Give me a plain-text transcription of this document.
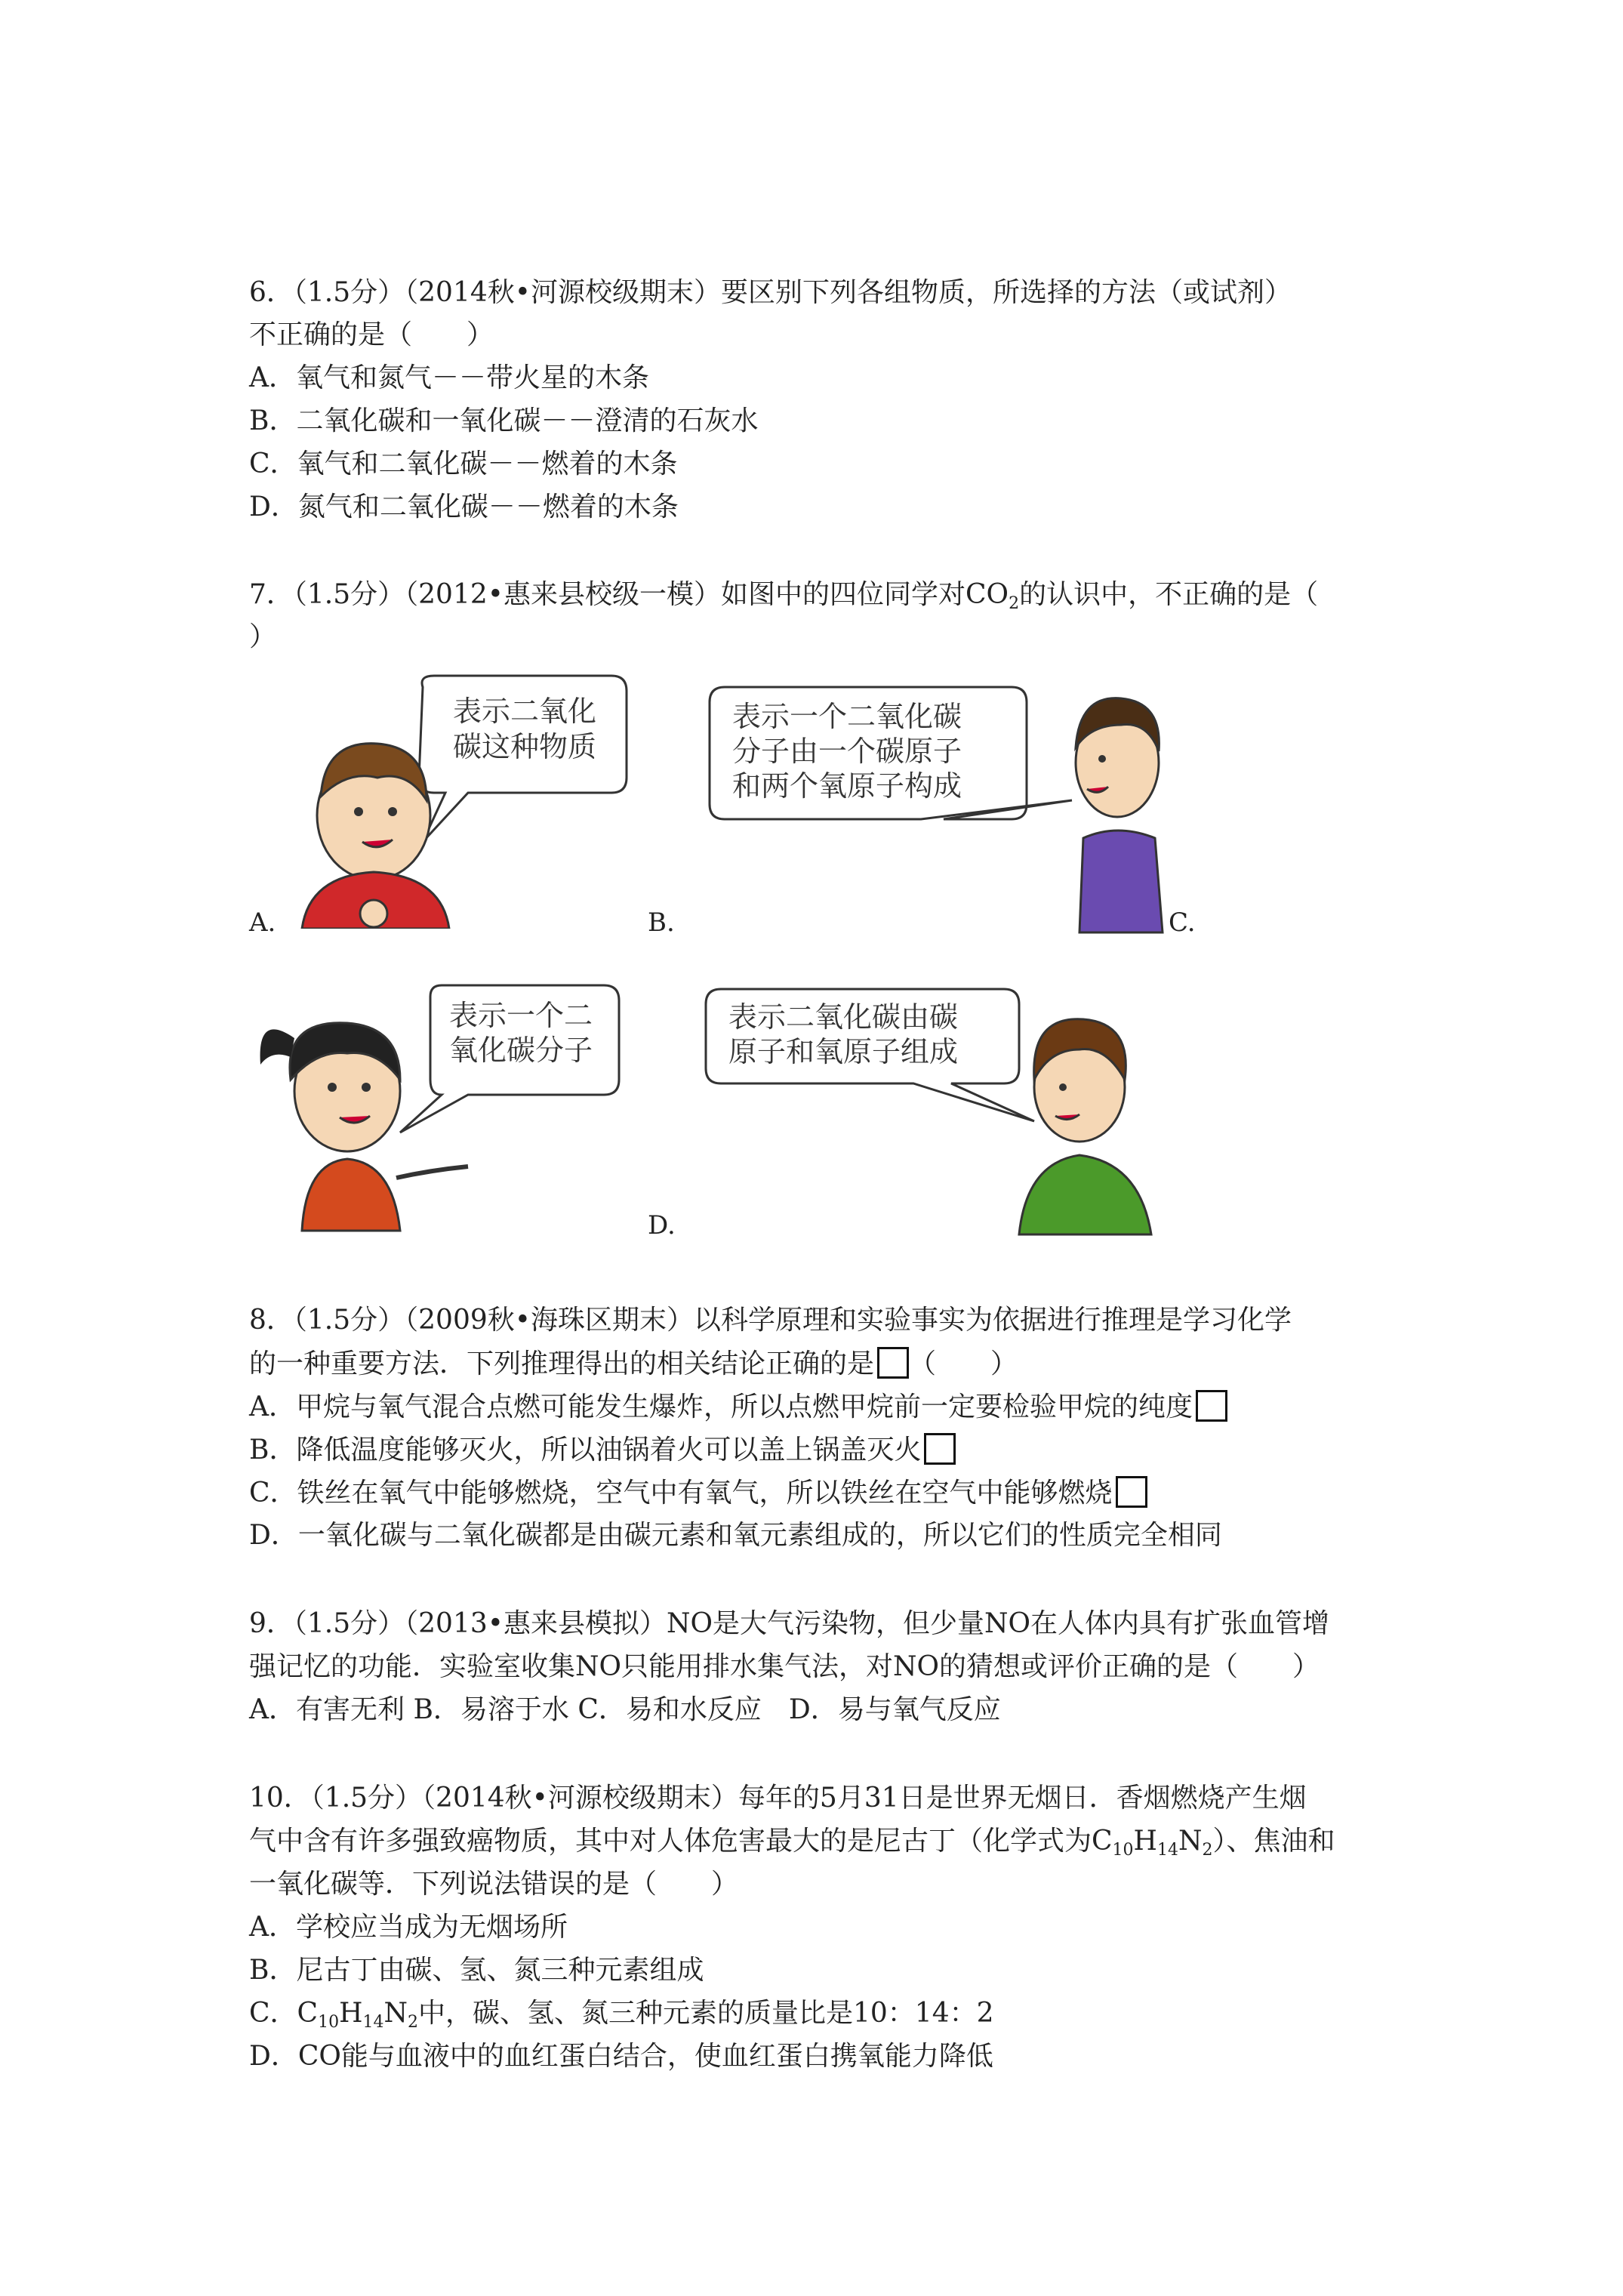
6．（1.5分）（2014秋•河源校级期末）要区别下列各组物质，所选择的方法（或试剂）
不正确的是（　　）
A．氧气和氮气－－带火星的木条
B．二氧化碳和一氧化碳－－澄清的石灰水
C．氧气和二氧化碳－－燃着的木条
D．氮气和二氧化碳－－燃着的木条
7．（1.5分）（2012•惠来县校级一模）如图中的四位同学对$CO_2$的认识中，不正确的是（
）
表示二氧化
碳这种物质
A.
表示一个二氧化碳
分子由一个碳原子
和两个氧原子构成
B.	C.
表示一个二
氧化碳分子
表示二氧化碳由碳
原子和氧原子组成
D.
8．（1.5分）（2009秋•海珠区期末）以科学原理和实验事实为依据进行推理是学习化学
的一种重要方法．下列推理得出的相关结论正确的是 （　　）
A．甲烷与氧气混合点燃可能发生爆炸，所以点燃甲烷前一定要检验甲烷的纯度
B．降低温度能够灭火，所以油锅着火可以盖上锅盖灭火
C．铁丝在氧气中能够燃烧，空气中有氧气，所以铁丝在空气中能够燃烧
D．一氧化碳与二氧化碳都是由碳元素和氧元素组成的，所以它们的性质完全相同
9．（1.5分）（2013•惠来县模拟）NO是大气污染物，但少量NO在人体内具有扩张血管增
强记忆的功能．实验室收集NO只能用排水集气法，对NO的猜想或评价正确的是（　　）
A．有害无利 B．易溶于水 C．易和水反应　D．易与氧气反应
10．（1.5分）（2014秋•河源校级期末）每年的5月31日是世界无烟日．香烟燃烧产生烟
气中含有许多强致癌物质，其中对人体危害最大的是尼古丁（化学式为$C_{10}H_{14}N_2$）、焦油和
一氧化碳等．下列说法错误的是（　　）
A．学校应当成为无烟场所
B．尼古丁由碳、氢、氮三种元素组成
C．$C_{10}H_{14}N_2$中，碳、氢、氮三种元素的质量比是10：14：2
D．CO能与血液中的血红蛋白结合，使血红蛋白携氧能力降低
